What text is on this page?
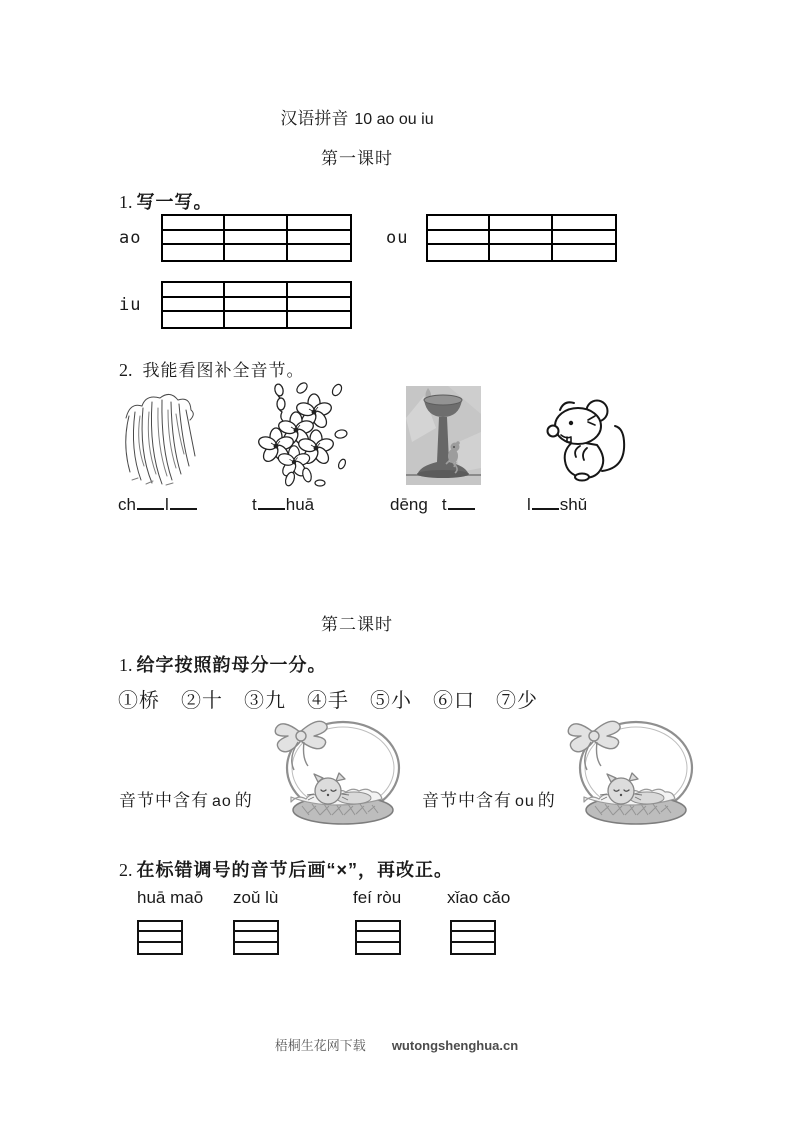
汉语拼音 10 ao ou iu
第一课时
1. 写一写。
ao	ou
iu
2. 我能看图补全音节。
ch l	t huā	dēng t	l shǔ
第二课时
1. 给字按照韵母分一分。
①桥 ②十 ③九 ④手 ⑤小 ⑥口 ⑦少
音节中含有 ao 的	音节中含有 ou 的
2. 在标错调号的音节后画“×”，再改正。
huā maō zoǔ lù	feí ròu	xǐao cǎo
梧桐生花网下载 wutongshenghua.cn
